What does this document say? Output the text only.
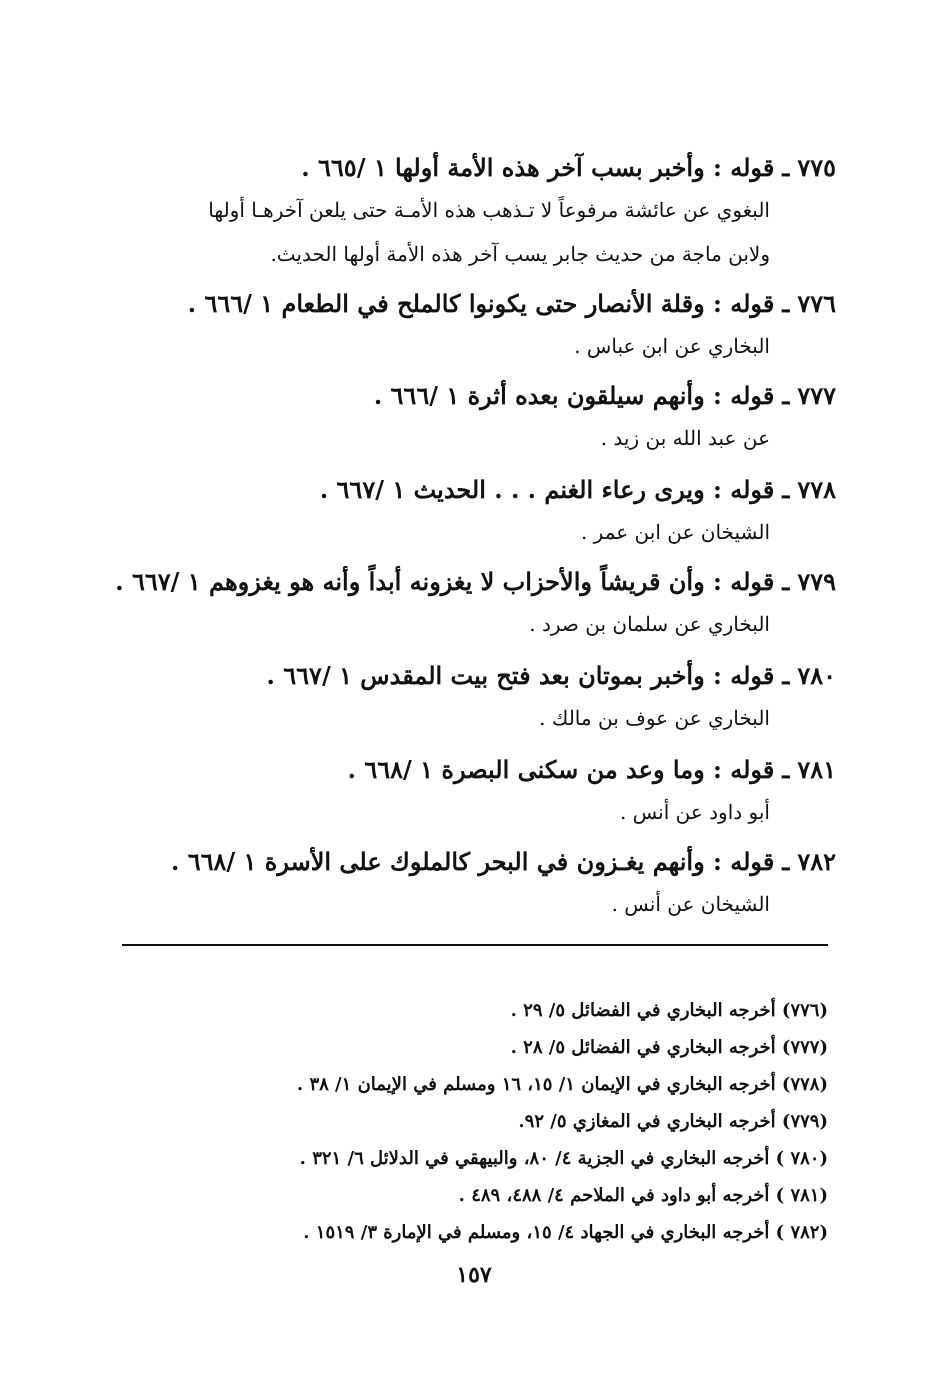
٧٧٥
ـ
قوله : وأخبر بسب آخر هذه الأمة أولها ١ /٦٦٥ .
البغوي عن عائشة مرفوعاً لا تـذهب هذه الأمـة حتى يلعن آخرهـا أولها
ولابن ماجة من حديث جابر يسب آخر هذه الأمة أولها الحديث.
٧٧٦
ـ
قوله : وقلة الأنصار حتى يكونوا كالملح في الطعام ١ /٦٦٦ .
البخاري عن ابن عباس .
٧٧٧
ـ
قوله : وأنهم سيلقون بعده أثرة ١ /٦٦٦ .
عن عبد الله بن زيد .
٧٧٨
ـ
قوله : ويرى رعاء الغنم . . . الحديث ١ /٦٦٧ .
الشيخان عن ابن عمر .
٧٧٩
ـ
قوله : وأن قريشاً والأحزاب لا يغزونه أبداً وأنه هو يغزوهم ١ /٦٦٧ .
البخاري عن سلمان بن صرد .
٧٨٠
ـ
قوله : وأخبر بموتان بعد فتح بيت المقدس ١ /٦٦٧ .
البخاري عن عوف بن مالك .
٧٨١
ـ
قوله : وما وعد من سكنى البصرة ١ /٦٦٨ .
أبو داود عن أنس .
٧٨٢
ـ
قوله : وأنهم يغـزون في البحر كالملوك على الأسرة ١ /٦٦٨ .
الشيخان عن أنس .
(٧٧٦) أخرجه البخاري في الفضائل ٥/ ٢٩ .
(٧٧٧) أخرجه البخاري في الفضائل ٥/ ٢٨ .
(٧٧٨) أخرجه البخاري في الإيمان ١/ ١٥، ١٦ ومسلم في الإيمان ١/ ٣٨ .
(٧٧٩) أخرجه البخاري في المغازي ٥/ ٩٢.
(٧٨٠ ) أخرجه البخاري في الجزية ٤/ ٨٠، والبيهقي في الدلائل ٦/ ٣٢١ .
(٧٨١ ) أخرجه أبو داود في الملاحم ٤/ ٤٨٨، ٤٨٩ .
(٧٨٢ ) أخرجه البخاري في الجهاد ٤/ ١٥، ومسلم في الإمارة ٣/ ١٥١٩ .
١٥٧
